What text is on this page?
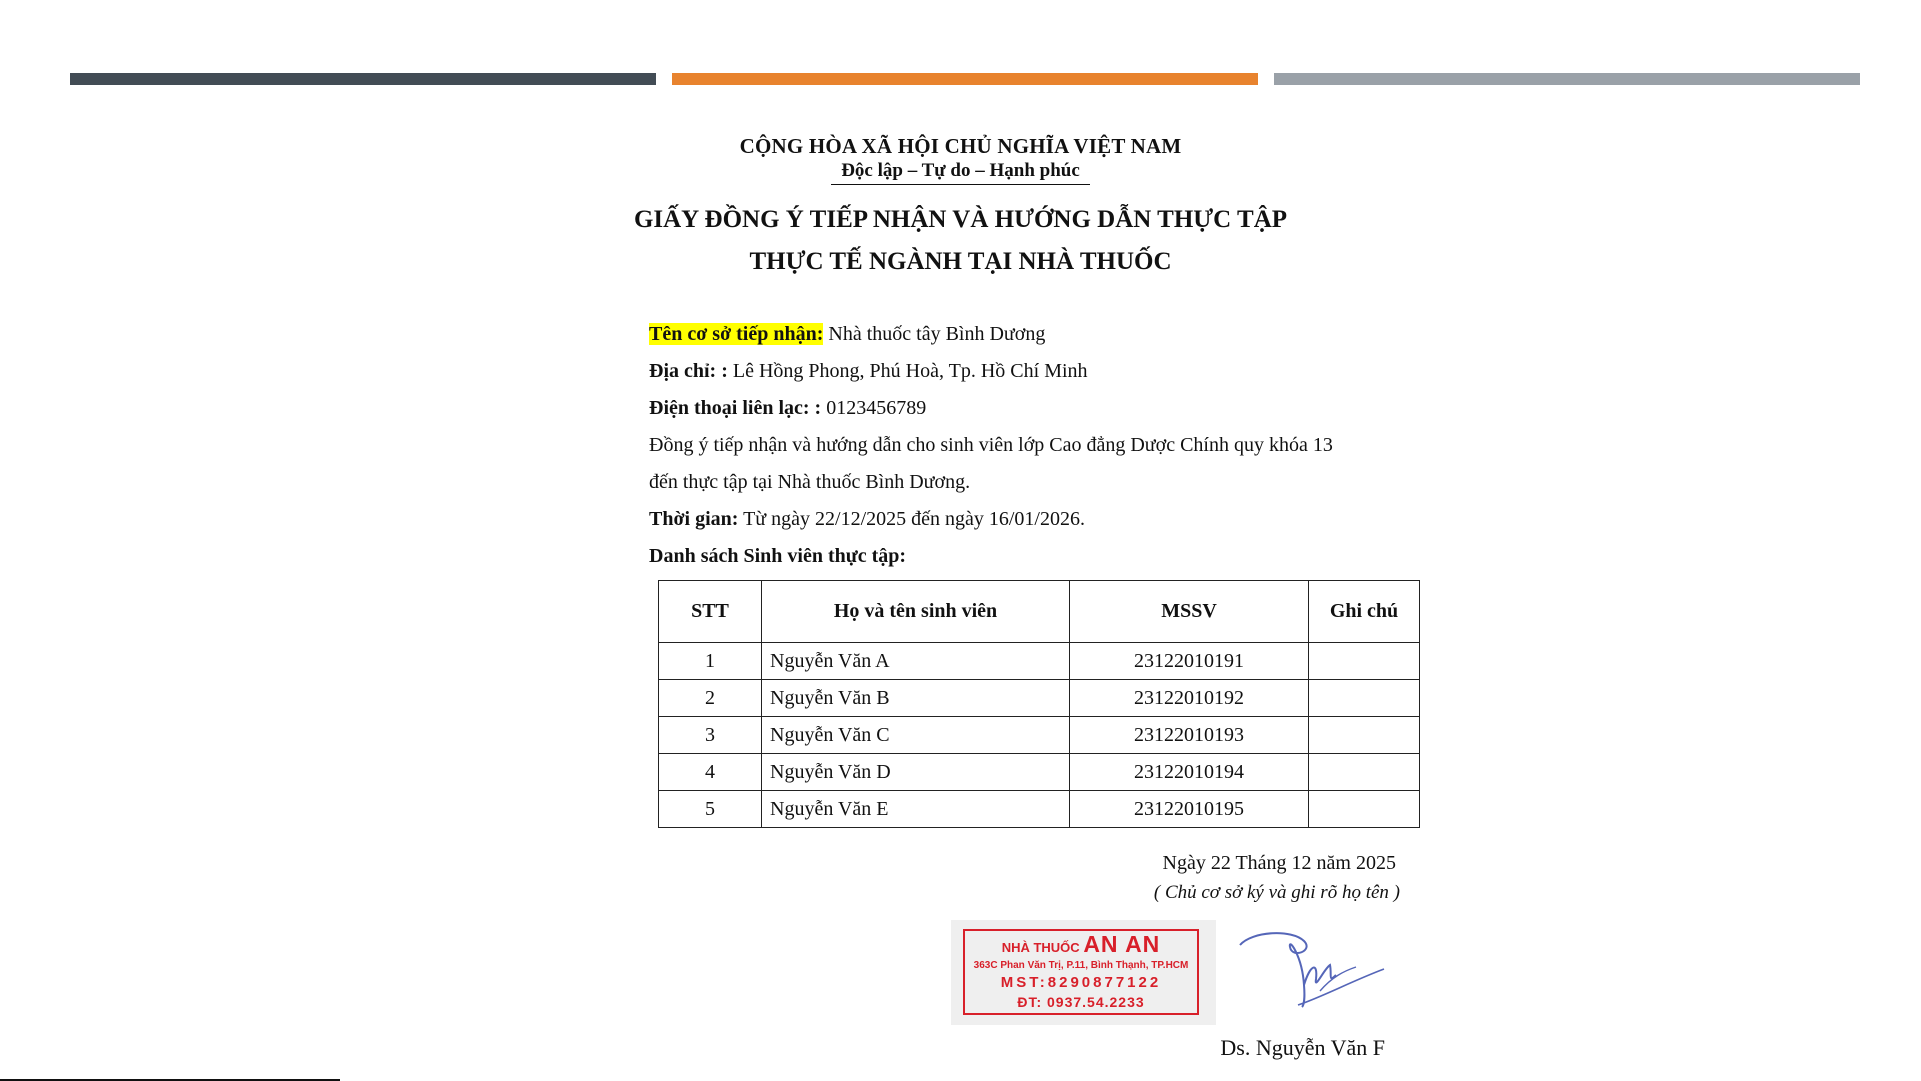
CỘNG HÒA XÃ HỘI CHỦ NGHĨA VIỆT NAM
Độc lập – Tự do – Hạnh phúc
GIẤY ĐỒNG Ý TIẾP NHẬN VÀ HƯỚNG DẪN THỰC TẬP
THỰC TẾ NGÀNH TẠI NHÀ THUỐC
Tên cơ sở tiếp nhận: Nhà thuốc tây Bình Dương
Địa chỉ: : Lê Hồng Phong, Phú Hoà, Tp. Hồ Chí Minh
Điện thoại liên lạc: : 0123456789
Đồng ý tiếp nhận và hướng dẫn cho sinh viên lớp Cao đẳng Dược Chính quy khóa 13
đến thực tập tại Nhà thuốc Bình Dương.
Thời gian: Từ ngày 22/12/2025 đến ngày 16/01/2026.
Danh sách Sinh viên thực tập:
STT	Họ và tên sinh viên	MSSV	Ghi chú
1	Nguyễn Văn A	23122010191	
2	Nguyễn Văn B	23122010192	
3	Nguyễn Văn C	23122010193	
4	Nguyễn Văn D	23122010194	
5	Nguyễn Văn E	23122010195	
Ngày 22 Tháng 12 năm 2025
( Chủ cơ sở ký và ghi rõ họ tên )
NHÀ THUỐC AN AN
363C Phan Văn Trị, P.11, Bình Thạnh, TP.HCM
MST:8290877122
ĐT: 0937.54.2233
Ds. Nguyễn Văn F
